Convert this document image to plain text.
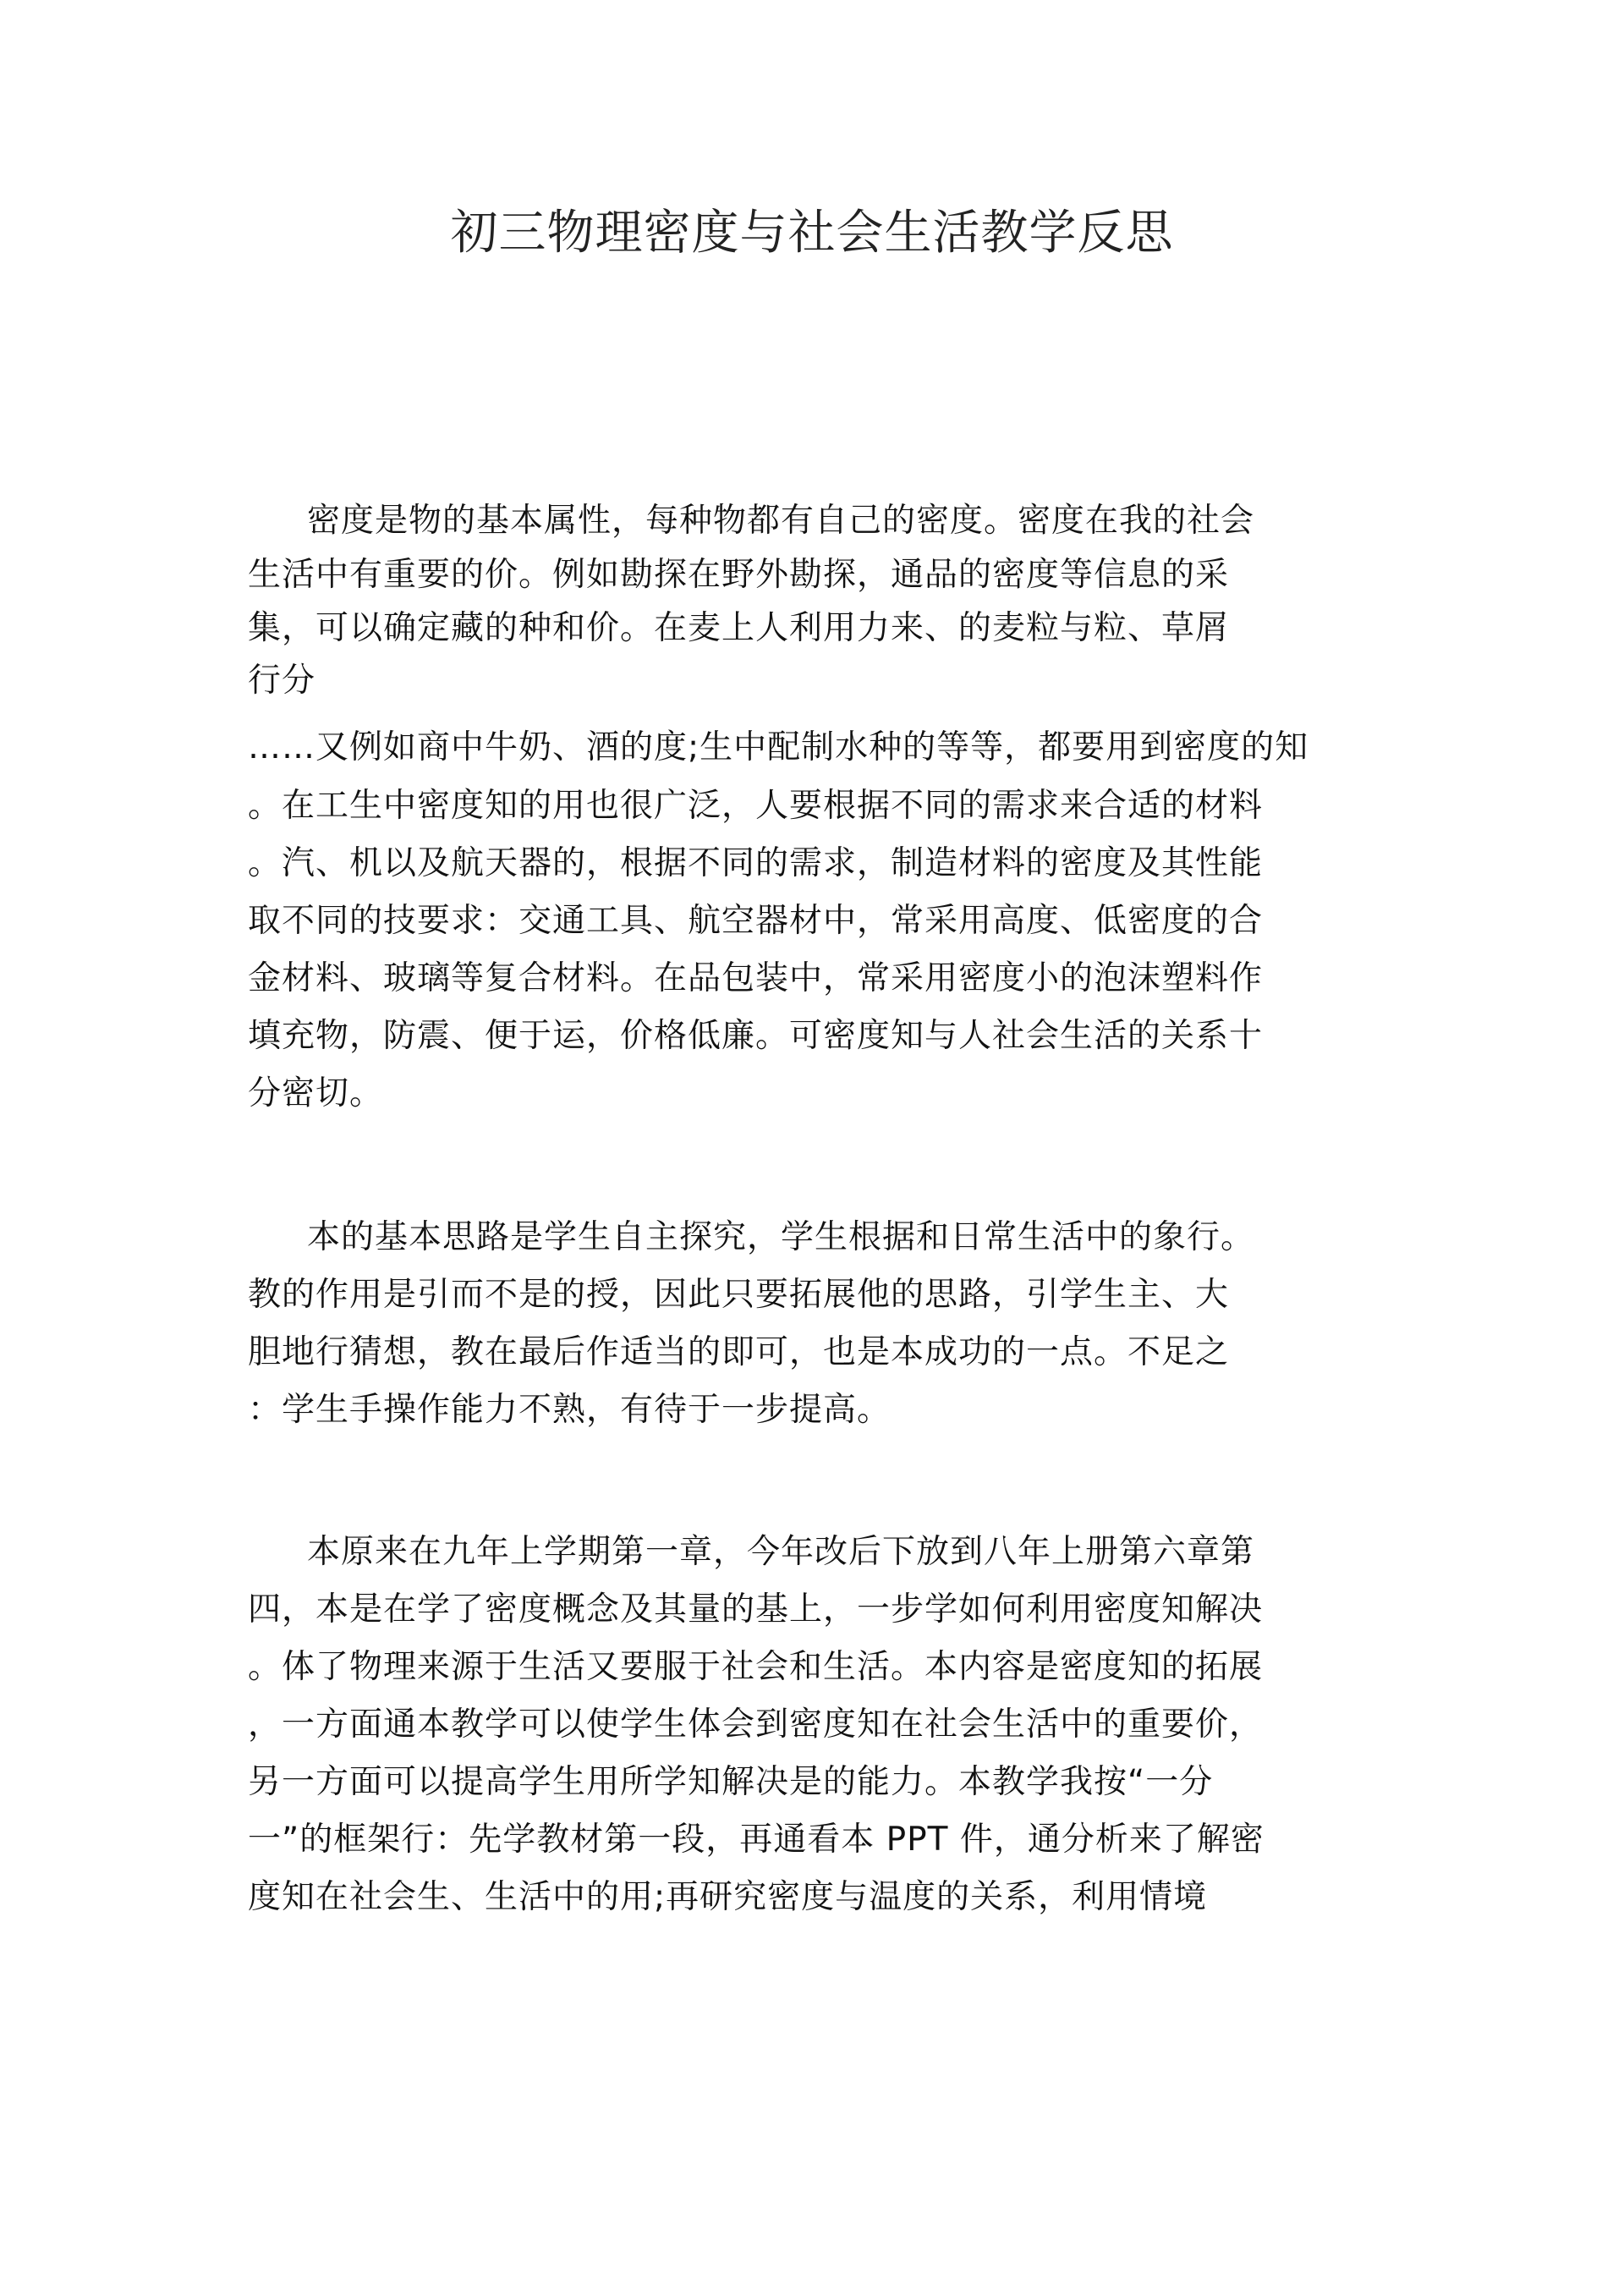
初三物理密度与社会生活教学反思
密度是物的基本属性，每种物都有自己的密度。密度在我的社会
生活中有重要的价。例如勘探在野外勘探，通品的密度等信息的采
集，可以确定藏的种和价。在麦上人利用力来、的麦粒与粒、草屑
行分
……又例如商中牛奶、酒的度;生中配制水种的等等，都要用到密度的知
。在工生中密度知的用也很广泛，人要根据不同的需求来合适的材料
。汽、机以及航天器的，根据不同的需求，制造材料的密度及其性能
取不同的技要求：交通工具、航空器材中，常采用高度、低密度的合
金材料、玻璃等复合材料。在品包装中，常采用密度小的泡沫塑料作
填充物，防震、便于运，价格低廉。可密度知与人社会生活的关系十
分密切。
本的基本思路是学生自主探究，学生根据和日常生活中的象行。
教的作用是引而不是的授，因此只要拓展他的思路，引学生主、大
胆地行猜想，教在最后作适当的即可，也是本成功的一点。不足之
：学生手操作能力不熟，有待于一步提高。
本原来在九年上学期第一章，今年改后下放到八年上册第六章第
四，本是在学了密度概念及其量的基上，一步学如何利用密度知解决
。体了物理来源于生活又要服于社会和生活。本内容是密度知的拓展
，一方面通本教学可以使学生体会到密度知在社会生活中的重要价，
另一方面可以提高学生用所学知解决是的能力。本教学我按“一分
一”的框架行：先学教材第一段，再通看本 PPT 件，通分析来了解密
度知在社会生、生活中的用;再研究密度与温度的关系，利用情境
